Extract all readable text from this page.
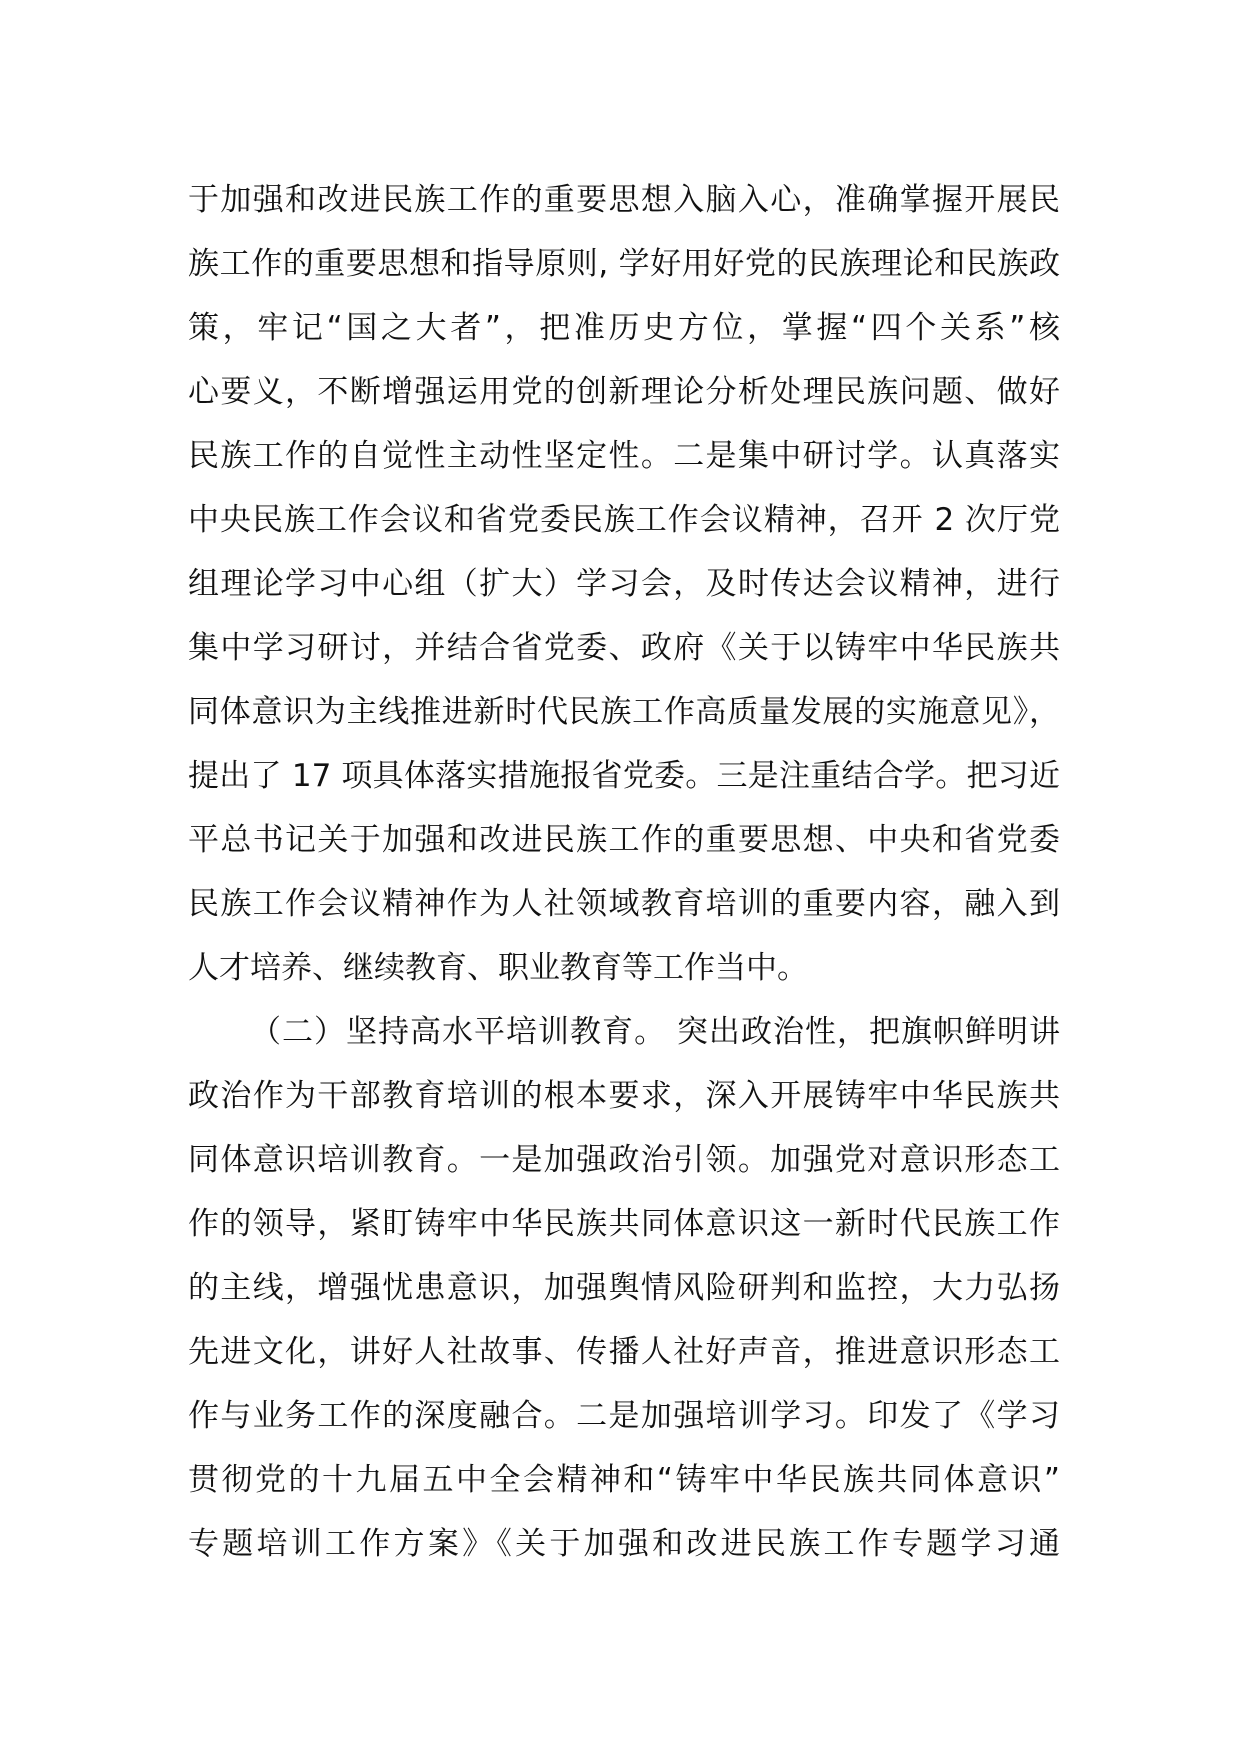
于加强和改进民族工作的重要思想入脑入心，准确掌握开展民
族工作的重要思想和指导原则, 学好用好党的民族理论和民族政
策，牢记“国之大者”，把准历史方位，掌握“四个关系”核
心要义，不断增强运用党的创新理论分析处理民族问题、做好
民族工作的自觉性主动性坚定性。二是集中研讨学。认真落实
中央民族工作会议和省党委民族工作会议精神，召开 2 次厅党
组理论学习中心组（扩大）学习会，及时传达会议精神，进行
集中学习研讨，并结合省党委、政府《关于以铸牢中华民族共
同体意识为主线推进新时代民族工作高质量发展的实施意见》，
提出了 17 项具体落实措施报省党委。三是注重结合学。把习近
平总书记关于加强和改进民族工作的重要思想、中央和省党委
民族工作会议精神作为人社领域教育培训的重要内容，融入到
人才培养、继续教育、职业教育等工作当中。
（二）坚持高水平培训教育。 突出政治性，把旗帜鲜明讲
政治作为干部教育培训的根本要求，深入开展铸牢中华民族共
同体意识培训教育。一是加强政治引领。加强党对意识形态工
作的领导，紧盯铸牢中华民族共同体意识这一新时代民族工作
的主线，增强忧患意识，加强舆情风险研判和监控，大力弘扬
先进文化，讲好人社故事、传播人社好声音，推进意识形态工
作与业务工作的深度融合。二是加强培训学习。印发了《学习
贯彻党的十九届五中全会精神和“铸牢中华民族共同体意识”
专题培训工作方案》《关于加强和改进民族工作专题学习通
